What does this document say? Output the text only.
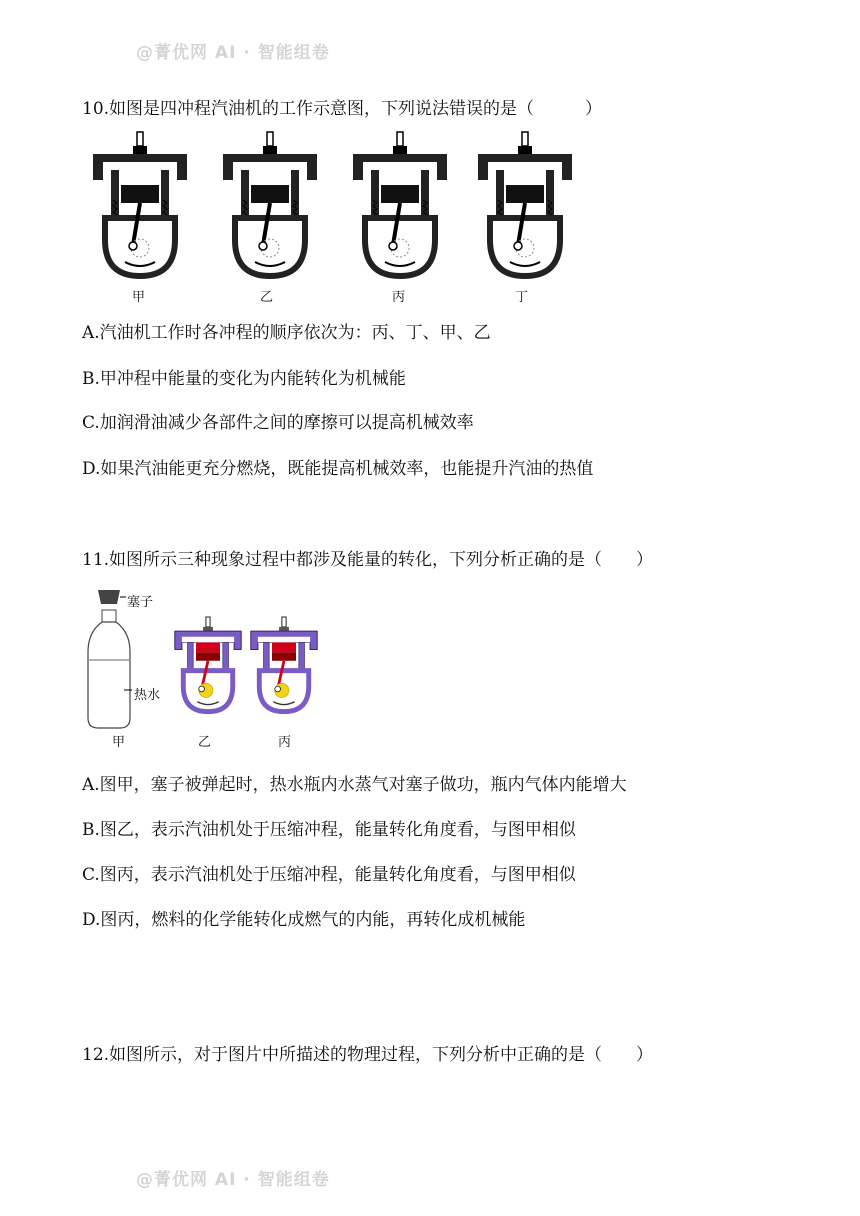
@菁优网 AI · 智能组卷
@菁优网 AI · 智能组卷
10.如图是四冲程汽油机的工作示意图，下列说法错误的是（　　　）
甲	乙	丙	丁
A.汽油机工作时各冲程的顺序依次为：丙、丁、甲、乙
B.甲冲程中能量的变化为内能转化为机械能
C.加润滑油减少各部件之间的摩擦可以提高机械效率
D.如果汽油能更充分燃烧，既能提高机械效率，也能提升汽油的热值
11.如图所示三种现象过程中都涉及能量的转化，下列分析正确的是（　　）
塞子
热水
甲	乙	丙
A.图甲，塞子被弹起时，热水瓶内水蒸气对塞子做功，瓶内气体内能增大
B.图乙，表示汽油机处于压缩冲程，能量转化角度看，与图甲相似
C.图丙，表示汽油机处于压缩冲程，能量转化角度看，与图甲相似
D.图丙，燃料的化学能转化成燃气的内能，再转化成机械能
12.如图所示，对于图片中所描述的物理过程，下列分析中正确的是（　　）
